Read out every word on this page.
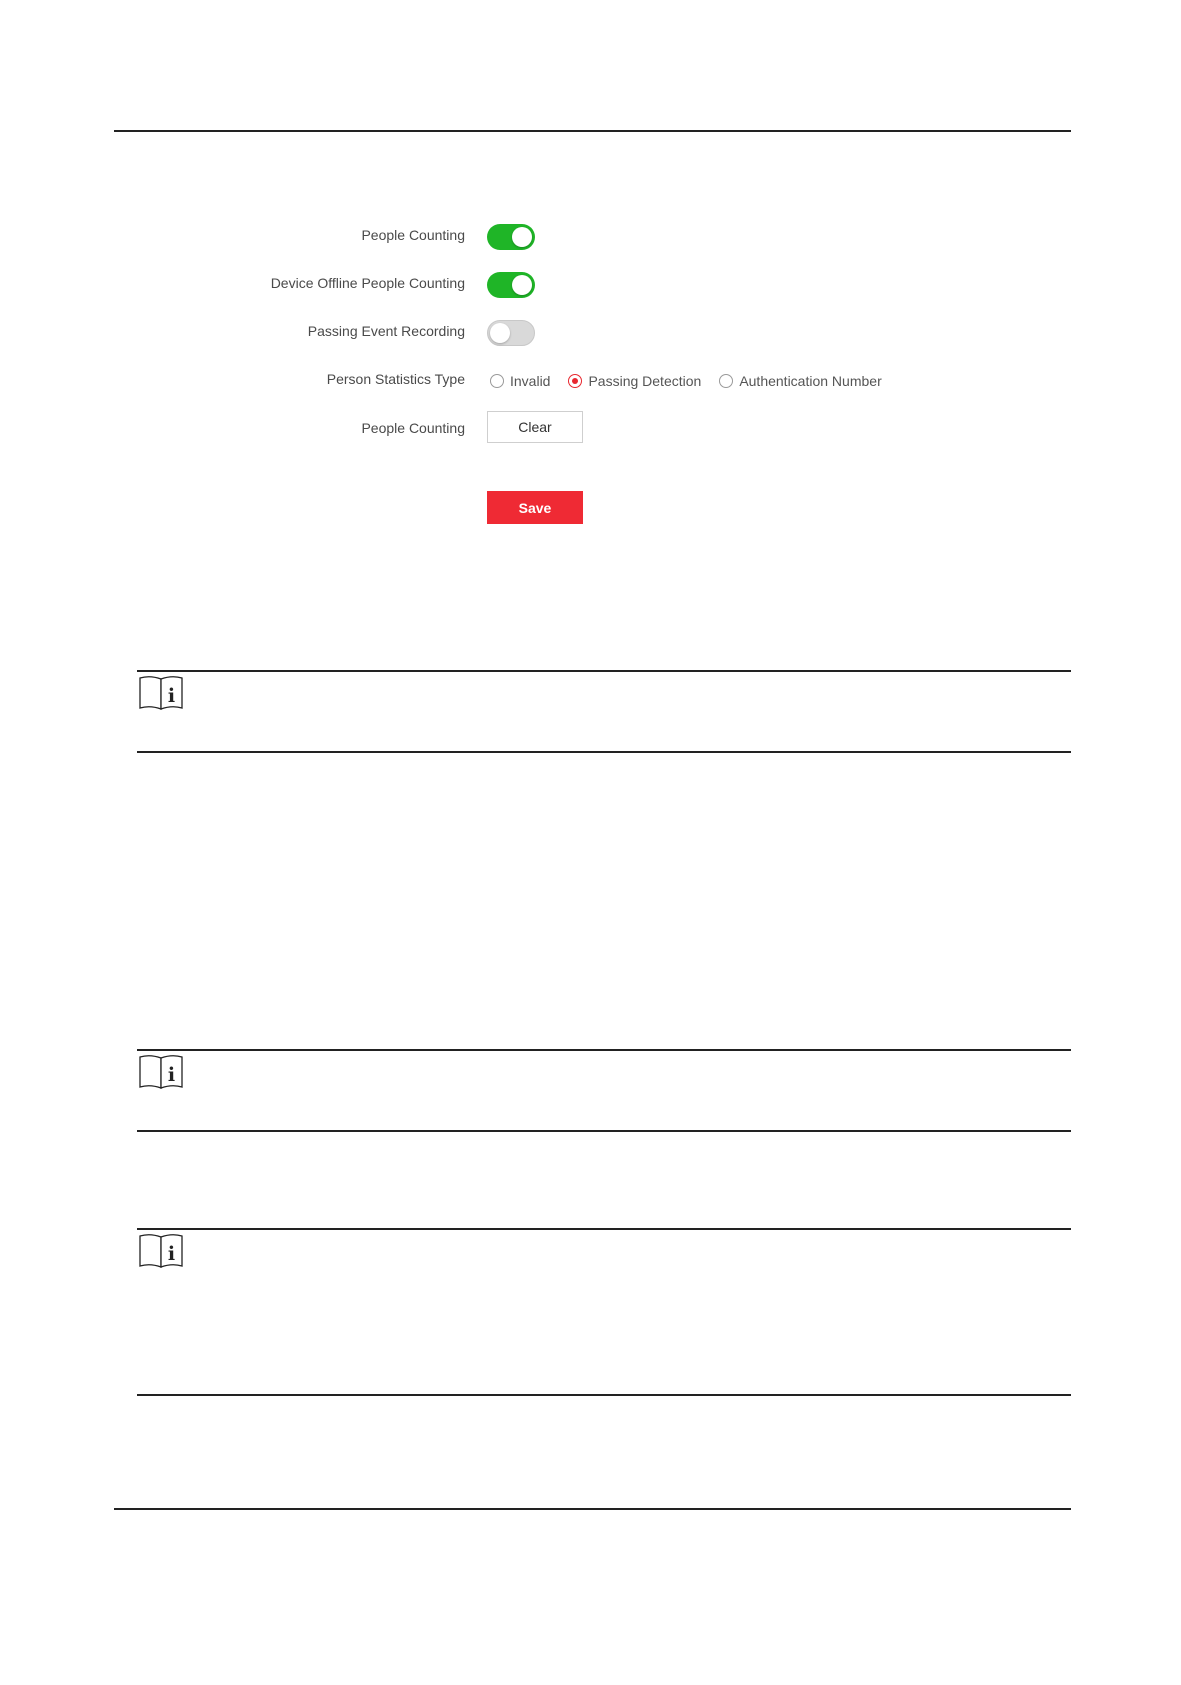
People Counting
Device Offline People Counting
Passing Event Recording
Person Statistics Type	Invalid	Passing Detection	Authentication Number
People Counting	Clear
Save
i
i
i
